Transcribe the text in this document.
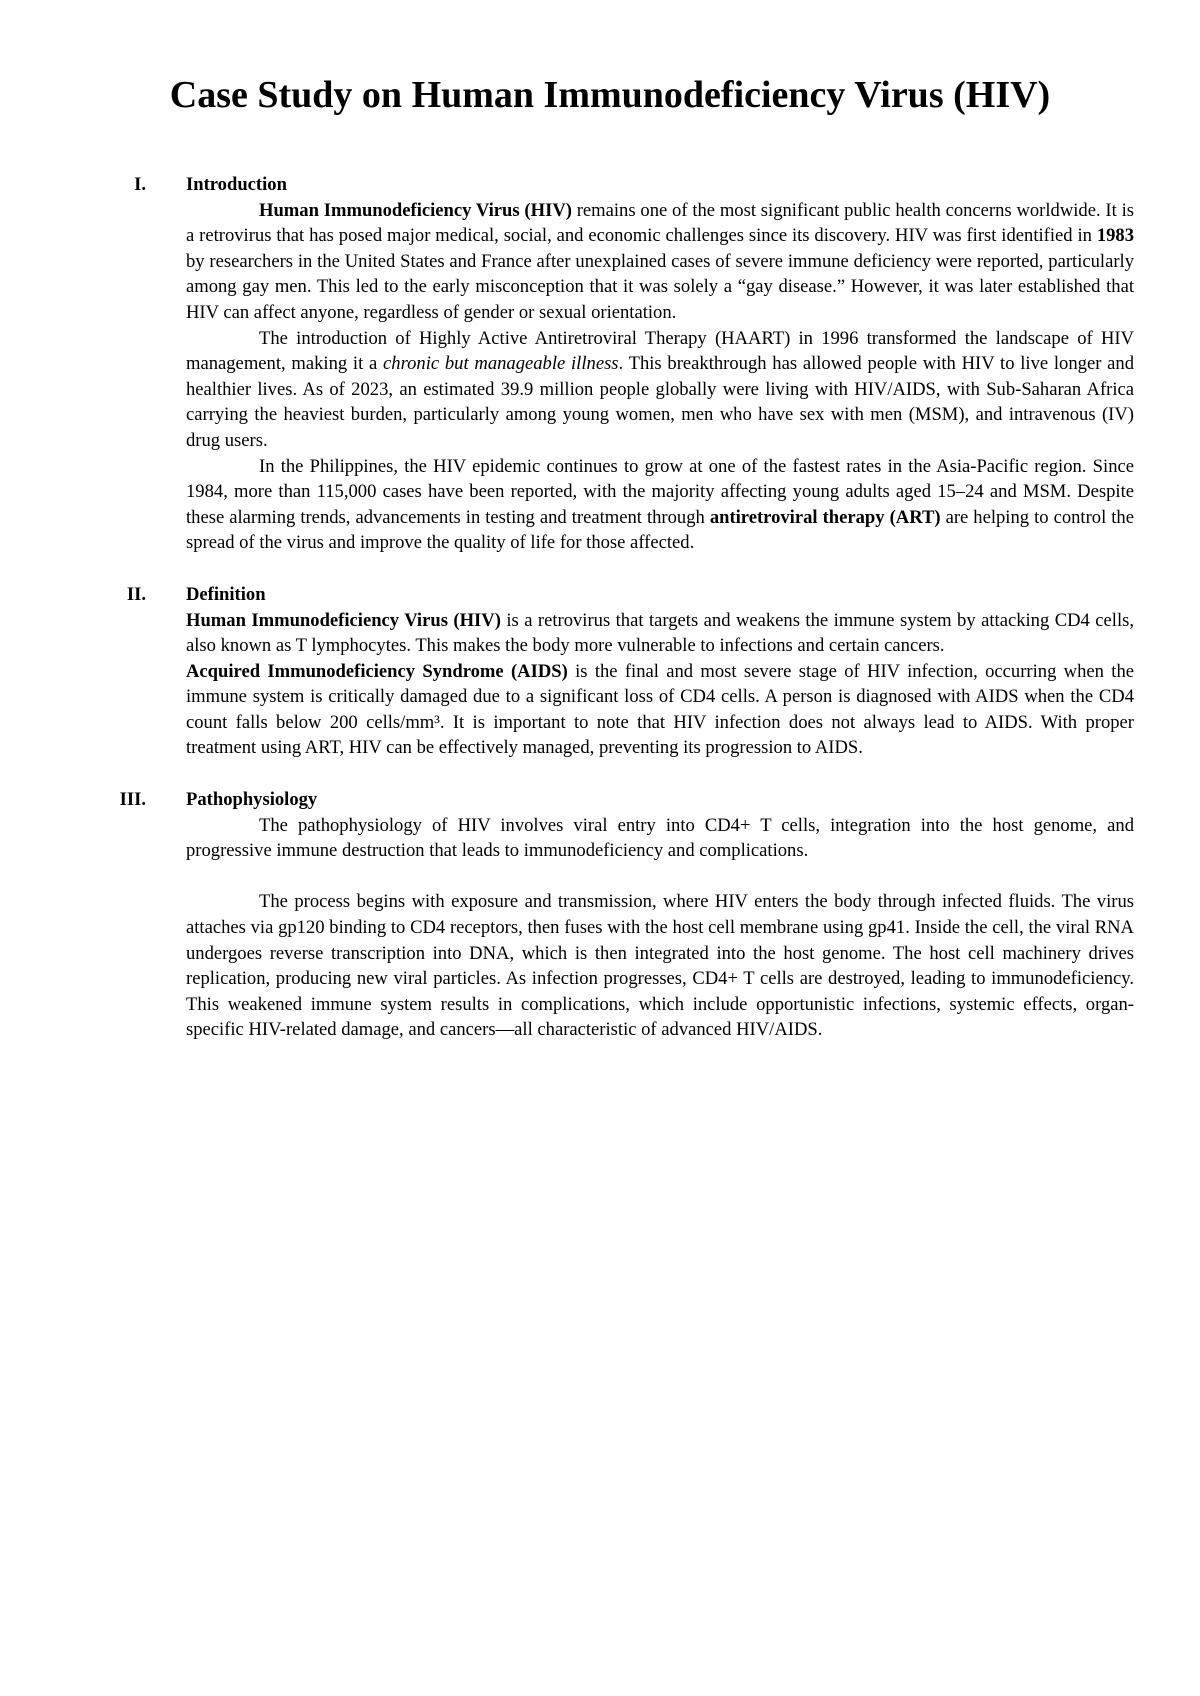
Case Study on Human Immunodeficiency Virus (HIV)
I.	Introduction

Human Immunodeficiency Virus (HIV) remains one of the most significant public health concerns worldwide. It is a retrovirus that has posed major medical, social, and economic challenges since its discovery. HIV was first identified in 1983 by researchers in the United States and France after unexplained cases of severe immune deficiency were reported, particularly among gay men. This led to the early misconception that it was solely a “gay disease.” However, it was later established that HIV can affect anyone, regardless of gender or sexual orientation.

The introduction of Highly Active Antiretroviral Therapy (HAART) in 1996 transformed the landscape of HIV management, making it a chronic but manageable illness. This breakthrough has allowed people with HIV to live longer and healthier lives. As of 2023, an estimated 39.9 million people globally were living with HIV/AIDS, with Sub-Saharan Africa carrying the heaviest burden, particularly among young women, men who have sex with men (MSM), and intravenous (IV) drug users.

In the Philippines, the HIV epidemic continues to grow at one of the fastest rates in the Asia-Pacific region. Since 1984, more than 115,000 cases have been reported, with the majority affecting young adults aged 15–24 and MSM. Despite these alarming trends, advancements in testing and treatment through antiretroviral therapy (ART) are helping to control the spread of the virus and improve the quality of life for those affected.

II.	Definition

Human Immunodeficiency Virus (HIV) is a retrovirus that targets and weakens the immune system by attacking CD4 cells, also known as T lymphocytes. This makes the body more vulnerable to infections and certain cancers.

Acquired Immunodeficiency Syndrome (AIDS) is the final and most severe stage of HIV infection, occurring when the immune system is critically damaged due to a significant loss of CD4 cells. A person is diagnosed with AIDS when the CD4 count falls below 200 cells/mm³. It is important to note that HIV infection does not always lead to AIDS. With proper treatment using ART, HIV can be effectively managed, preventing its progression to AIDS.

III.	Pathophysiology

The pathophysiology of HIV involves viral entry into CD4+ T cells, integration into the host genome, and progressive immune destruction that leads to immunodeficiency and complications.

The process begins with exposure and transmission, where HIV enters the body through infected fluids. The virus attaches via gp120 binding to CD4 receptors, then fuses with the host cell membrane using gp41. Inside the cell, the viral RNA undergoes reverse transcription into DNA, which is then integrated into the host genome. The host cell machinery drives replication, producing new viral particles. As infection progresses, CD4+ T cells are destroyed, leading to immunodeficiency. This weakened immune system results in complications, which include opportunistic infections, systemic effects, organ-specific HIV-related damage, and cancers—all characteristic of advanced HIV/AIDS.
